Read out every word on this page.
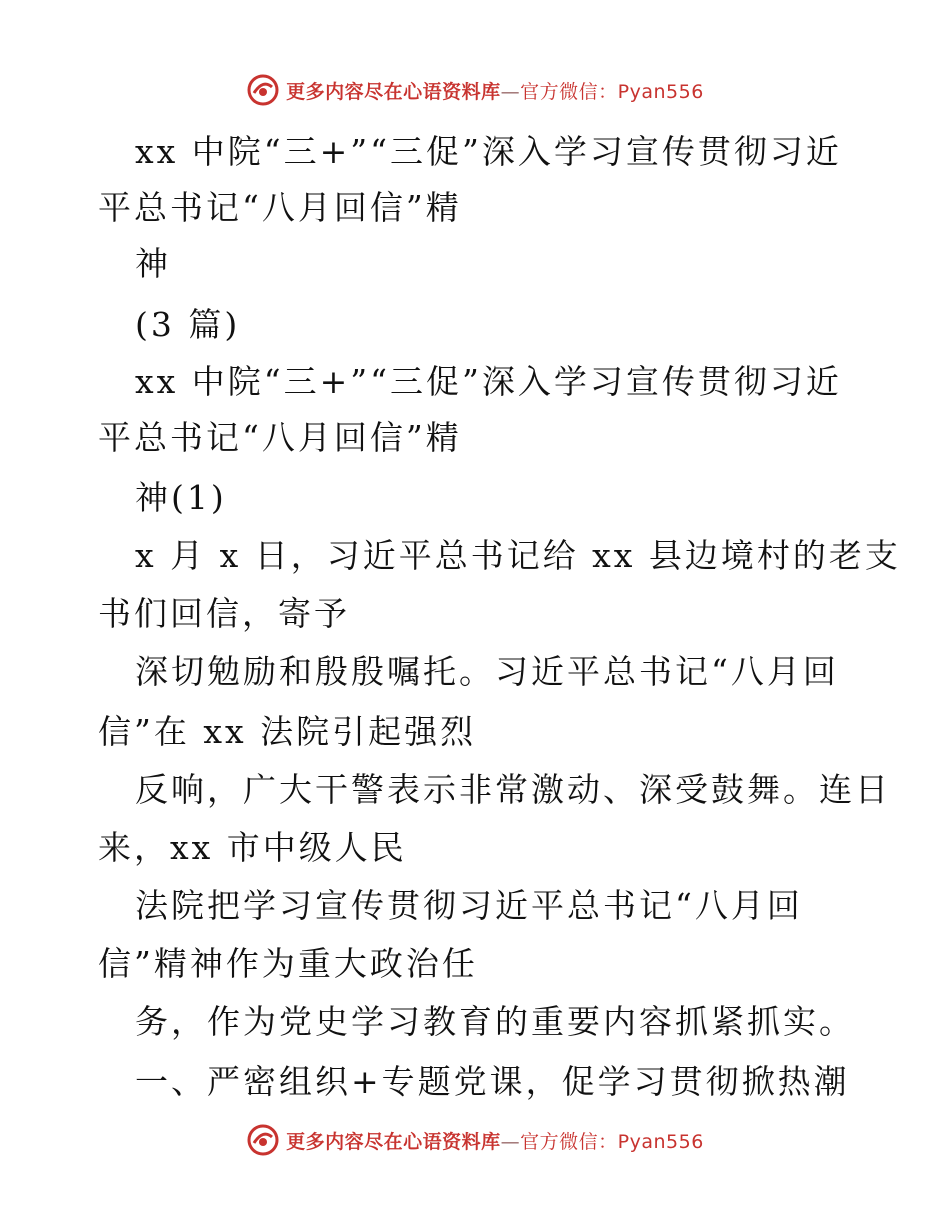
更多内容尽在心语资料库—官方微信：Pyan556
xx 中院“三+”“三促”深入学习宣传贯彻习近
平总书记“八月回信”精
神
(3 篇)
xx 中院“三+”“三促”深入学习宣传贯彻习近
平总书记“八月回信”精
神(1)
x 月 x 日，习近平总书记给 xx 县边境村的老支
书们回信，寄予
深切勉励和殷殷嘱托。习近平总书记“八月回
信”在 xx 法院引起强烈
反响，广大干警表示非常激动、深受鼓舞。连日
来，xx 市中级人民
法院把学习宣传贯彻习近平总书记“八月回
信”精神作为重大政治任
务，作为党史学习教育的重要内容抓紧抓实。
一、严密组织+专题党课，促学习贯彻掀热潮
更多内容尽在心语资料库—官方微信：Pyan556
